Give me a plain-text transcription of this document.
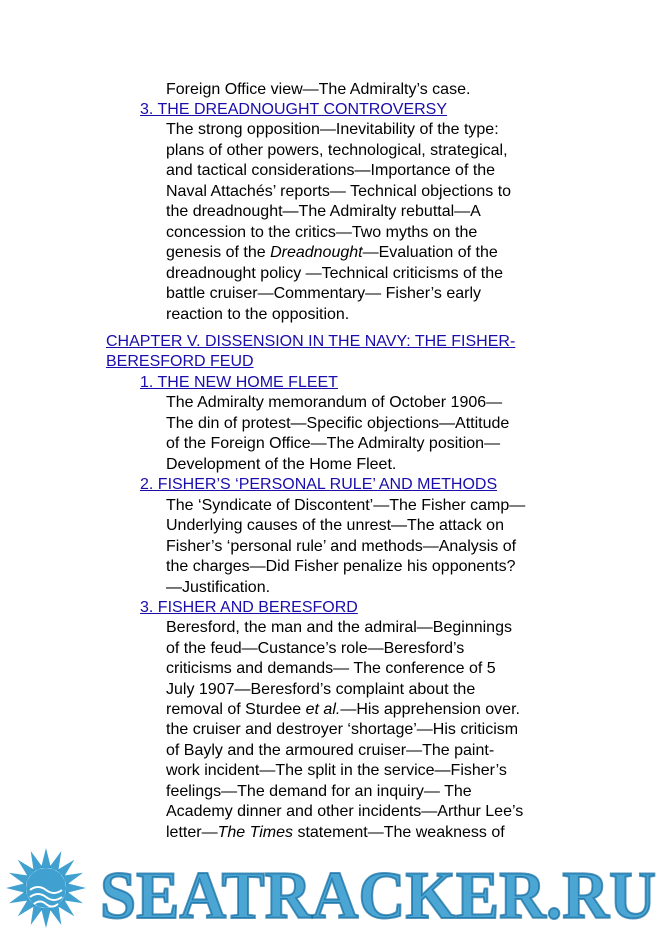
Foreign Office view—The Admiralty’s case.
3. THE DREADNOUGHT CONTROVERSY
The strong opposition—Inevitability of the type:
plans of other powers, technological, strategical,
and tactical considerations—Importance of the
Naval Attachés’ reports— Technical objections to
the dreadnought—The Admiralty rebuttal—A
concession to the critics—Two myths on the
genesis of the Dreadnought—Evaluation of the
dreadnought policy —Technical criticisms of the
battle cruiser—Commentary— Fisher’s early
reaction to the opposition.
CHAPTER V. DISSENSION IN THE NAVY: THE FISHER-
BERESFORD FEUD
1. THE NEW HOME FLEET
The Admiralty memorandum of October 1906—
The din of protest—Specific objections—Attitude
of the Foreign Office—The Admiralty position—
Development of the Home Fleet.
2. FISHER’S ‘PERSONAL RULE’ AND METHODS
The ‘Syndicate of Discontent’—The Fisher camp—
Underlying causes of the unrest—The attack on
Fisher’s ‘personal rule’ and methods—Analysis of
the charges—Did Fisher penalize his opponents?
—Justification.
3. FISHER AND BERESFORD
Beresford, the man and the admiral—Beginnings
of the feud—Custance’s role—Beresford’s
criticisms and demands— The conference of 5
July 1907—Beresford’s complaint about the
removal of Sturdee et al.—His apprehension over.
the cruiser and destroyer ‘shortage’—His criticism
of Bayly and the armoured cruiser—The paint-
work incident—The split in the service—Fisher’s
feelings—The demand for an inquiry— The
Academy dinner and other incidents—Arthur Lee’s
letter—The Times statement—The weakness of
SEATRACKER.RU
